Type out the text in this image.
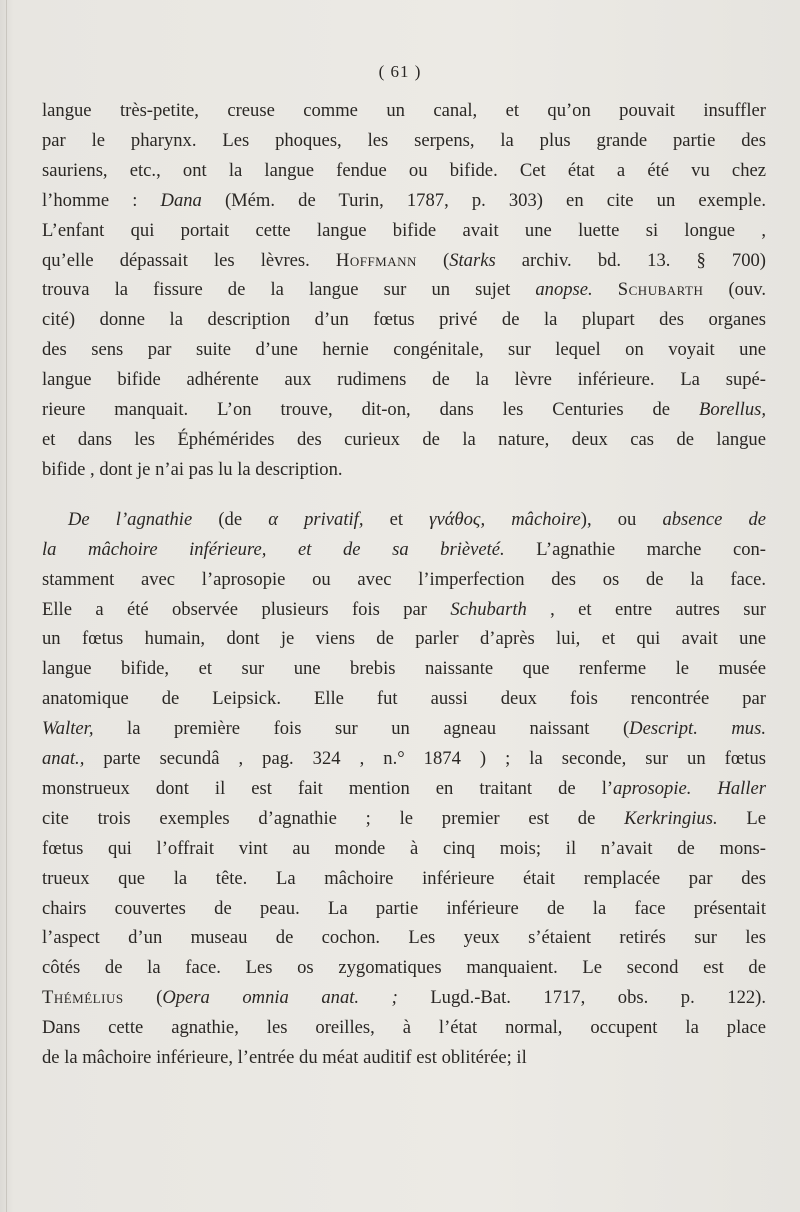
( 61 )
langue très-petite, creuse comme un canal, et qu’on pouvait insuffler
par le pharynx. Les phoques, les serpens, la plus grande partie des
sauriens, etc., ont la langue fendue ou bifide. Cet état a été vu chez
l’homme : Dana (Mém. de Turin, 1787, p. 303) en cite un exemple.
L’enfant qui portait cette langue bifide avait une luette si longue ,
qu’elle dépassait les lèvres. Hoffmann (Starks archiv. bd. 13. § 700)
trouva la fissure de la langue sur un sujet anopse. Schubarth (ouv.
cité) donne la description d’un fœtus privé de la plupart des organes
des sens par suite d’une hernie congénitale, sur lequel on voyait une
langue bifide adhérente aux rudimens de la lèvre inférieure. La supé-
rieure manquait. L’on trouve, dit-on, dans les Centuries de Borellus,
et dans les Éphémérides des curieux de la nature, deux cas de langue
bifide , dont je n’ai pas lu la description.
De l’agnathie (de α privatif, et γνάθος, mâchoire), ou absence de
la mâchoire inférieure, et de sa brièveté. L’agnathie marche con-
stamment avec l’aprosopie ou avec l’imperfection des os de la face.
Elle a été observée plusieurs fois par Schubarth , et entre autres sur
un fœtus humain, dont je viens de parler d’après lui, et qui avait une
langue bifide, et sur une brebis naissante que renferme le musée
anatomique de Leipsick. Elle fut aussi deux fois rencontrée par
Walter, la première fois sur un agneau naissant (Descript. mus.
anat., parte secundâ , pag. 324 , n.° 1874 ) ; la seconde, sur un fœtus
monstrueux dont il est fait mention en traitant de l’aprosopie. Haller
cite trois exemples d’agnathie ; le premier est de Kerkringius. Le
fœtus qui l’offrait vint au monde à cinq mois; il n’avait de mons-
trueux que la tête. La mâchoire inférieure était remplacée par des
chairs couvertes de peau. La partie inférieure de la face présentait
l’aspect d’un museau de cochon. Les yeux s’étaient retirés sur les
côtés de la face. Les os zygomatiques manquaient. Le second est de
Thémélius (Opera omnia anat. ; Lugd.-Bat. 1717, obs. p. 122).
Dans cette agnathie, les oreilles, à l’état normal, occupent la place
de la mâchoire inférieure, l’entrée du méat auditif est oblitérée; il
